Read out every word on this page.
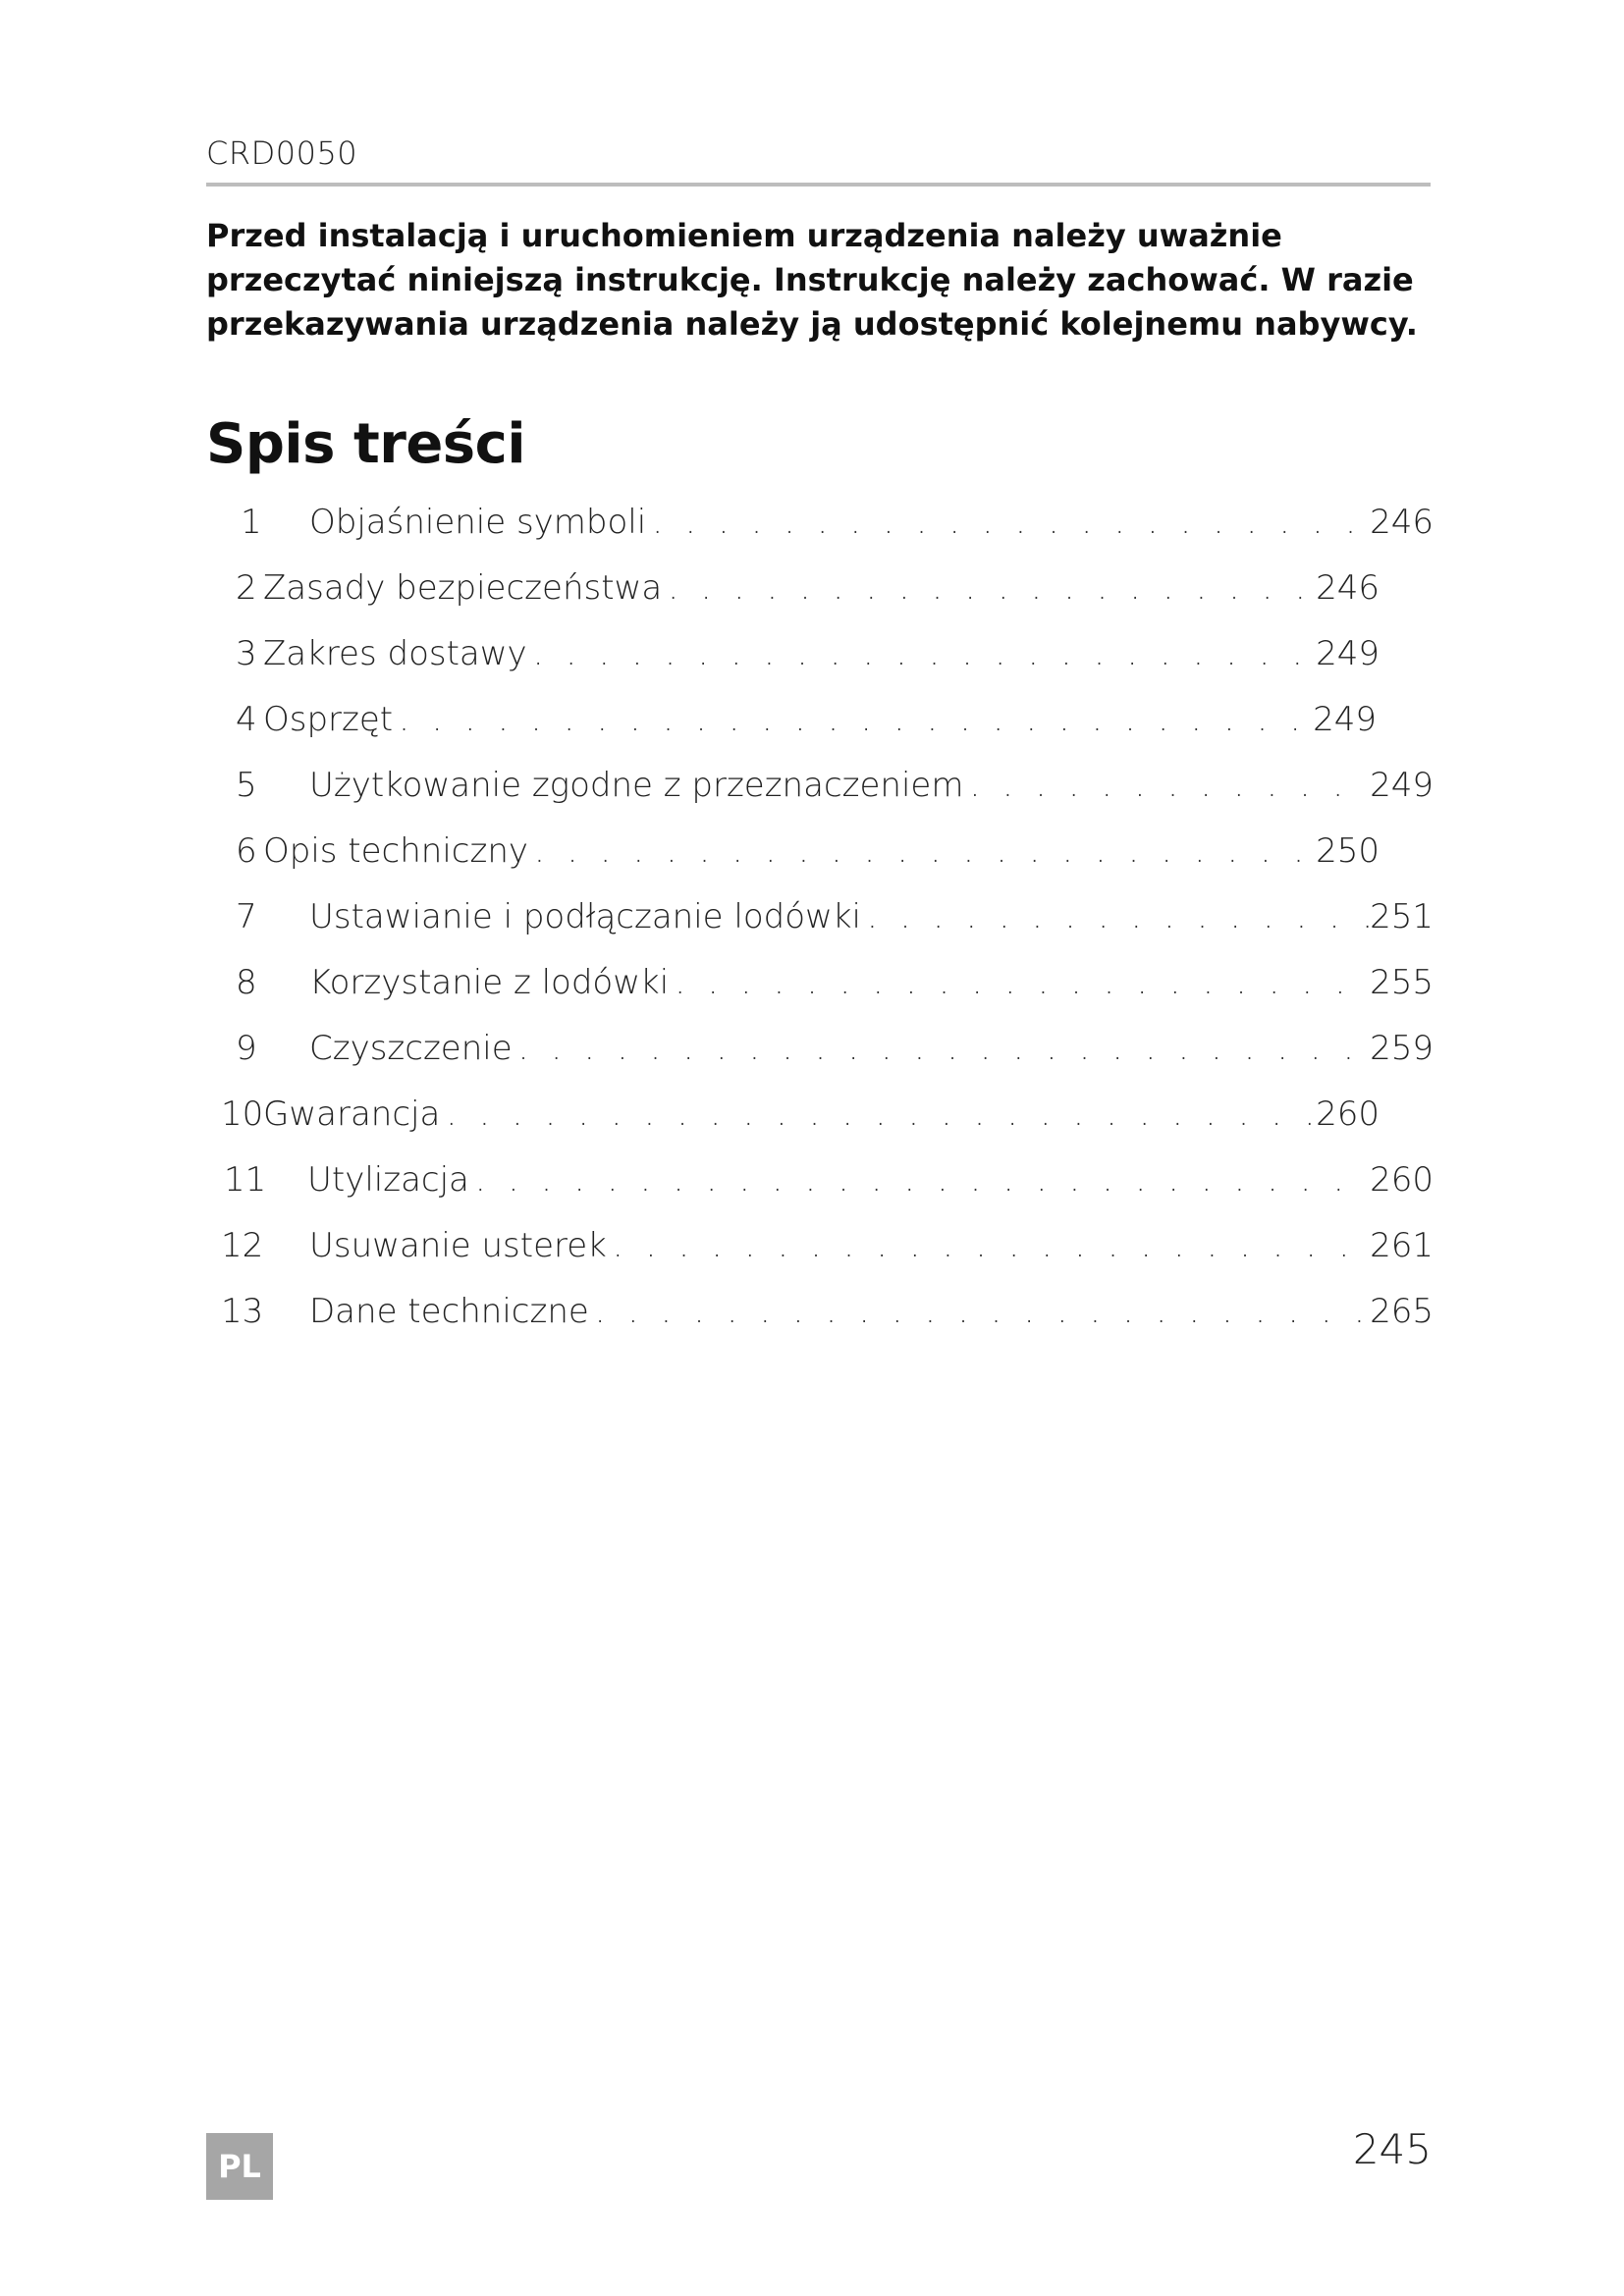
CRD0050
Przed instalacją i uruchomieniem urządzenia należy uważnie przeczytać niniejszą instrukcję. Instrukcję należy zachować. W razie przekazywania urządzenia należy ją udostępnić kolejnemu nabywcy.
Spis treści
1	Objaśnienie symboli . . .	246
2 Zasady bezpieczeństwa . . .	246
3 Zakres dostawy . . .	249
4 Osprzęt . . .	249
5	Użytkowanie zgodne z przeznaczeniem . . .	249
6 Opis techniczny . . .	250
7	Ustawianie i podłączanie lodówki . . .	251
8	Korzystanie z lodówki . . .	255
9	Czyszczenie . . .	259
10 Gwarancja . . .	260
11	Utylizacja . . .	260
12	Usuwanie usterek . . .	261
13	Dane techniczne . . .	265
PL	245
